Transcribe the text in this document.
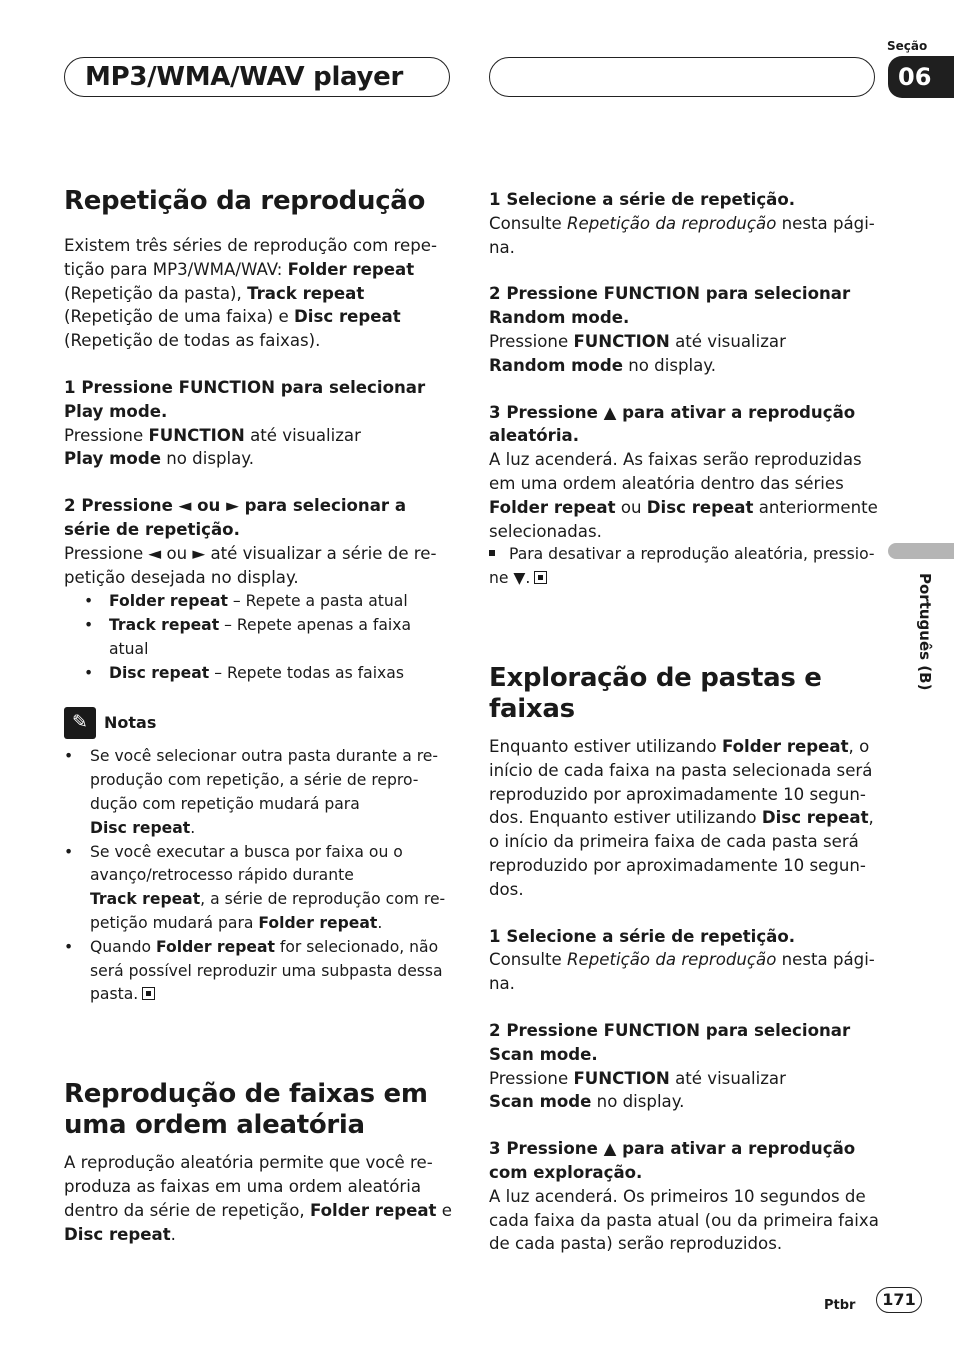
MP3/WMA/WAV player
Seção
06
Português (B)
Repetição da reprodução

Existem três séries de reprodução com repe-tição para MP3/WMA/WAV: Folder repeat (Repetição da pasta), Track repeat (Repetição de uma faixa) e Disc repeat (Repetição de todas as faixas).

1 Pressione FUNCTION para selecionar Play mode.

Pressione FUNCTION até visualizar
Play mode no display.

2 Pressione ◄ ou ► para selecionar a série de repetição.

Pressione ◄ ou ► até visualizar a série de re-petição desejada no display.

• Folder repeat – Repete a pasta atual
• Track repeat – Repete apenas a faixa atual
• Disc repeat – Repete todas as faixas
✎	Notas
• Se você selecionar outra pasta durante a re-produção com repetição, a série de repro-dução com repetição mudará para
Disc repeat.
• Se você executar a busca por faixa ou o avanço/retrocesso rápido durante
Track repeat, a série de reprodução com re-petição mudará para Folder repeat.
• Quando Folder repeat for selecionado, não será possível reproduzir uma subpasta dessa pasta.
Reprodução de faixas em uma ordem aleatória

A reprodução aleatória permite que você re-produza as faixas em uma ordem aleatória dentro da série de repetição, Folder repeat e Disc repeat.

1 Selecione a série de repetição.

Consulte Repetição da reprodução nesta pági-na.

2 Pressione FUNCTION para selecionar Random mode.

Pressione FUNCTION até visualizar
Random mode no display.

3 Pressione ▲ para ativar a reprodução aleatória.

A luz acenderá. As faixas serão reproduzidas em uma ordem aleatória dentro das séries
Folder repeat ou Disc repeat anteriormente selecionadas.

Para desativar a reprodução aleatória, pressio-ne ▼.

Exploração de pastas e faixas

Enquanto estiver utilizando Folder repeat, o início de cada faixa na pasta selecionada será reproduzido por aproximadamente 10 segun-dos. Enquanto estiver utilizando Disc repeat, o início da primeira faixa de cada pasta será reproduzido por aproximadamente 10 segun-dos.

1 Selecione a série de repetição.

Consulte Repetição da reprodução nesta pági-na.

2 Pressione FUNCTION para selecionar Scan mode.

Pressione FUNCTION até visualizar
Scan mode no display.

3 Pressione ▲ para ativar a reprodução com exploração.

A luz acenderá. Os primeiros 10 segundos de cada faixa da pasta atual (ou da primeira faixa de cada pasta) serão reproduzidos.

Ptbr	171
